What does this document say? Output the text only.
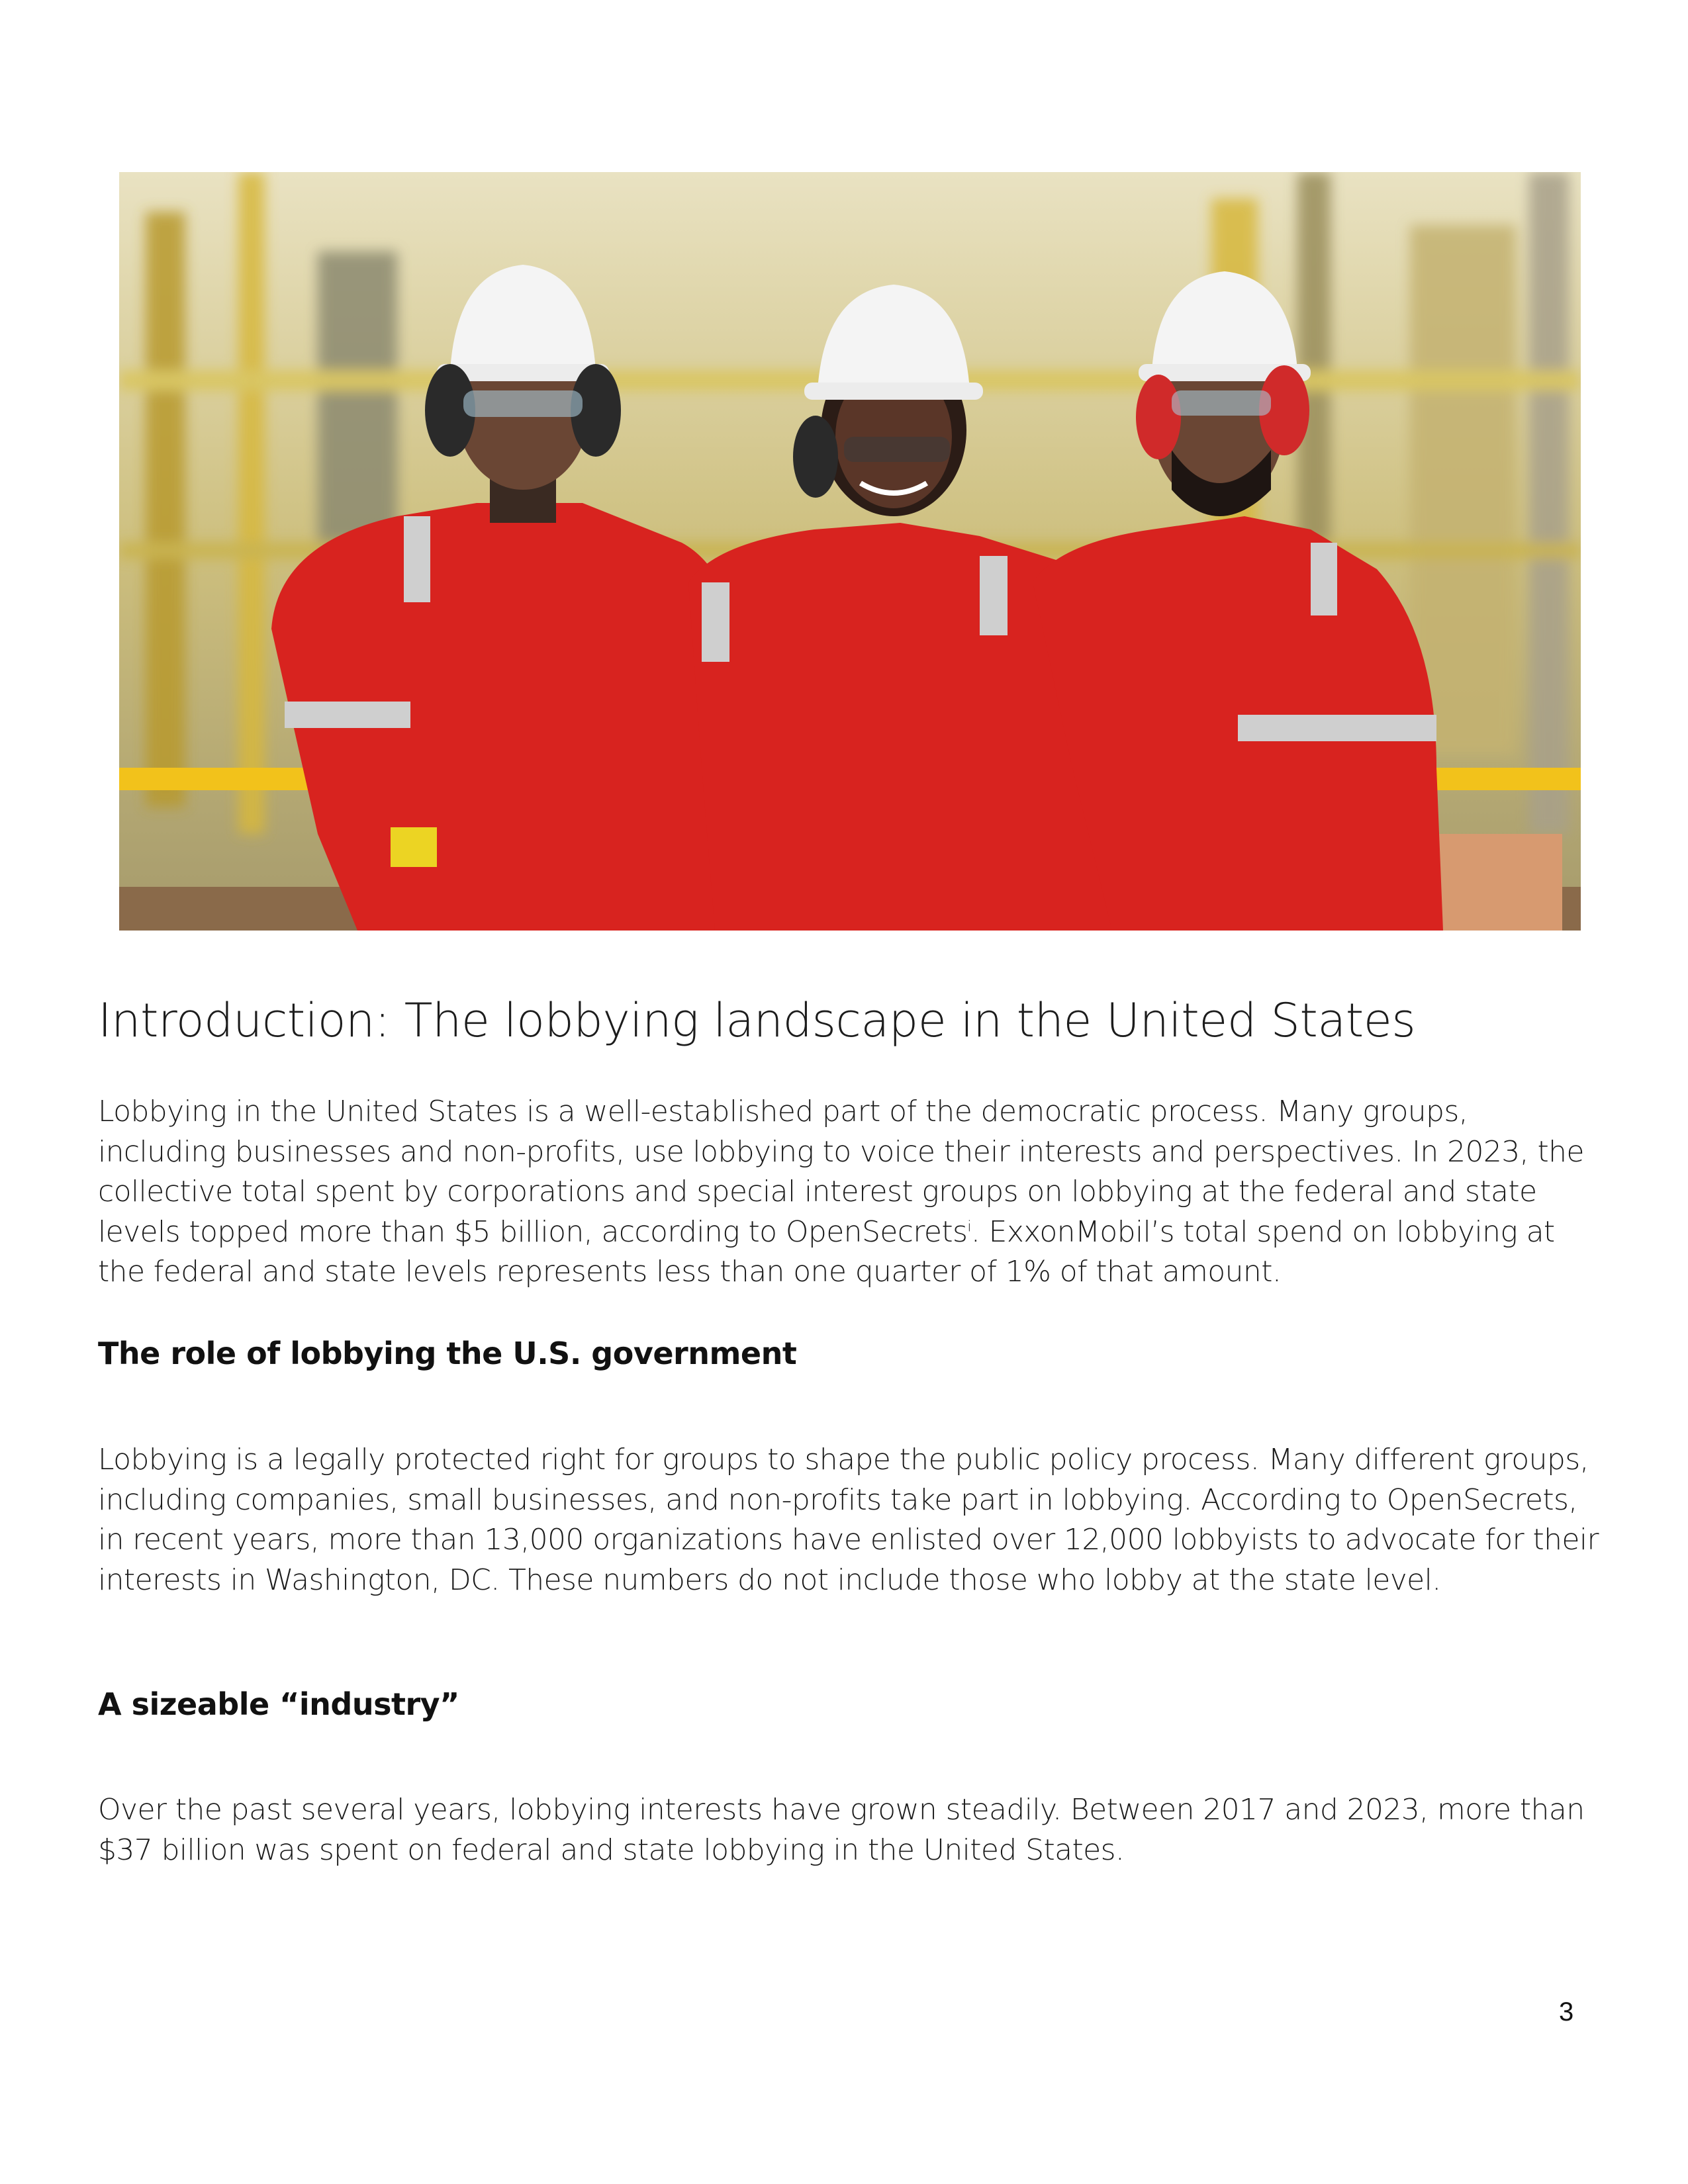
Introduction: The lobbying landscape in the United States

Lobbying in the United States is a well-established part of the democratic process. Many groups,
including businesses and non-profits, use lobbying to voice their interests and perspectives. In 2023, the
collective total spent by corporations and special interest groups on lobbying at the federal and state
levels topped more than $5 billion, according to OpenSecrets$^i$. ExxonMobil’s total spend on lobbying at
the federal and state levels represents less than one quarter of 1% of that amount.

The role of lobbying the U.S. government

Lobbying is a legally protected right for groups to shape the public policy process. Many different groups,
including companies, small businesses, and non-profits take part in lobbying. According to OpenSecrets,
in recent years, more than 13,000 organizations have enlisted over 12,000 lobbyists to advocate for their
interests in Washington, DC. These numbers do not include those who lobby at the state level.

A sizeable “industry”

Over the past several years, lobbying interests have grown steadily. Between 2017 and 2023, more than
$37 billion was spent on federal and state lobbying in the United States.

3
